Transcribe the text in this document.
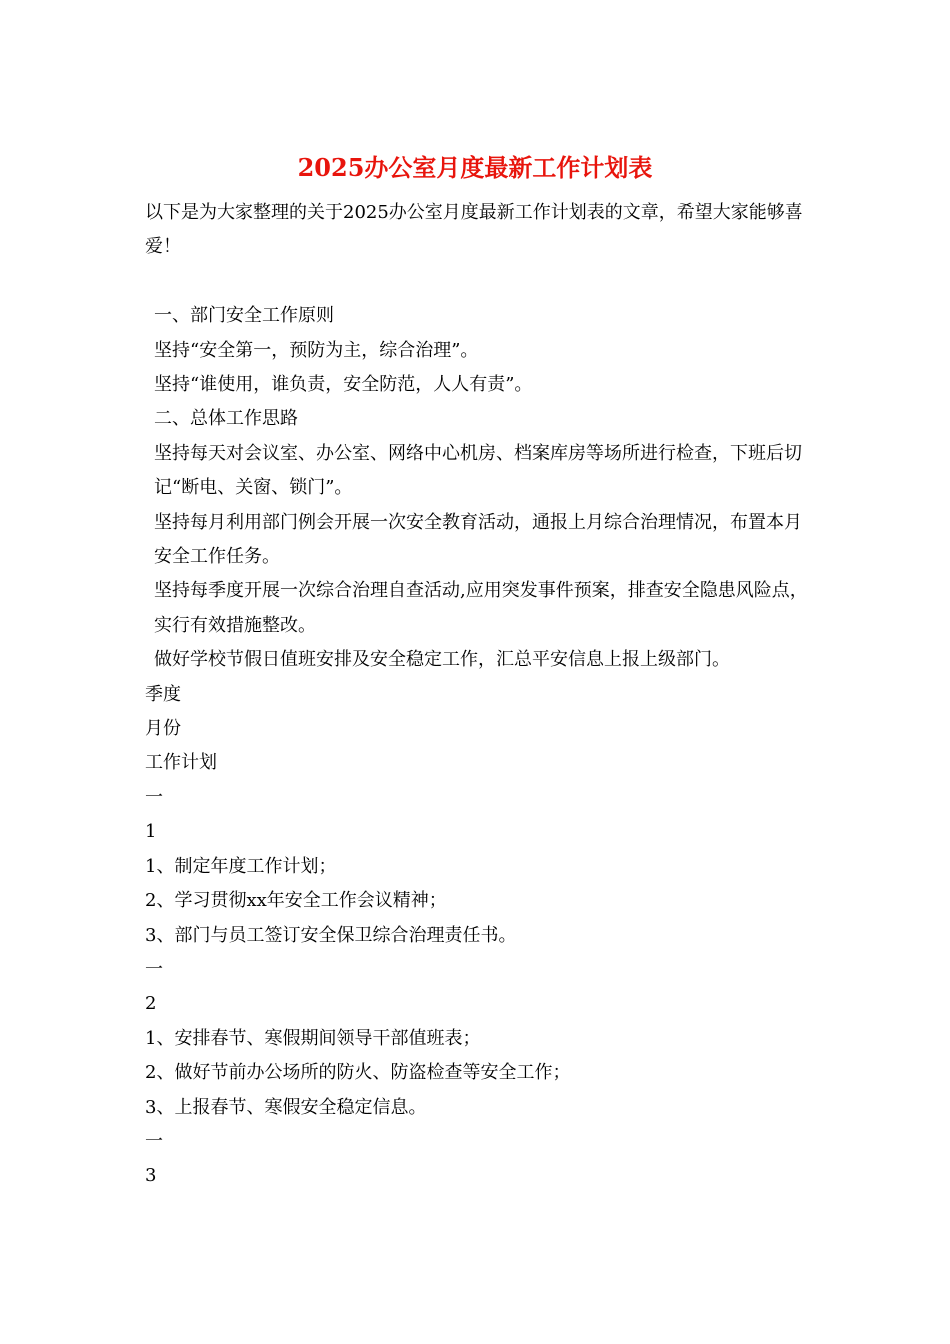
2025办公室月度最新工作计划表

以下是为大家整理的关于2025办公室月度最新工作计划表的文章，希望大家能够喜爱！

一、部门安全工作原则

坚持“安全第一，预防为主，综合治理”。

坚持“谁使用，谁负责，安全防范，人人有责”。

二、总体工作思路

坚持每天对会议室、办公室、网络中心机房、档案库房等场所进行检查，下班后切记“断电、关窗、锁门”。

坚持每月利用部门例会开展一次安全教育活动，通报上月综合治理情况，布置本月安全工作任务。

坚持每季度开展一次综合治理自查活动,应用突发事件预案，排查安全隐患风险点，实行有效措施整改。

做好学校节假日值班安排及安全稳定工作，汇总平安信息上报上级部门。

季度

月份

工作计划

一

1

1、制定年度工作计划；

2、学习贯彻xx年安全工作会议精神；

3、部门与员工签订安全保卫综合治理责任书。

一

2

1、安排春节、寒假期间领导干部值班表；

2、做好节前办公场所的防火、防盗检查等安全工作；

3、上报春节、寒假安全稳定信息。

一

3
